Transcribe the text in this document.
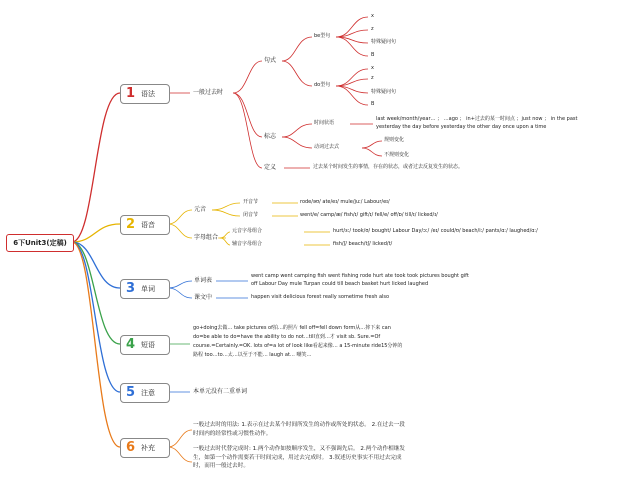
6下Unit3(定稿)
1 语法
2 语音
3 单词
4 短语
5 注意
6 补充
一般过去时
句式
be型句
x
z
特殊疑问句
B
do型句
x
z
特殊疑问句
B
标志
时间状语
last week/month/year… ； …ago ； in+过去的某一时间点 ；just now ； in the past
yesterday the day before yesterday the other day once upon a time
动词过去式
规则变化
不规则变化
定义	过去某个时间发生的事情，存在的状态，或者过去反复发生的状态。
元音
开音节	rode/əʊ/ ate/eɪ/ mule/juː/ Labour/eɪ/
闭音节	went/e/ camp/æ/ fish/ɪ/ gift/ɪ/ fell/e/ off/ɒ/ till/ɪ/ licked/ɪ/
字母组合
元音字母组合	hurt/ɜː/ took/ʊ/ bought/ Labour Day/ɔː/ /eɪ/ could/ʊ/ beach/iː/ pants/ɑː/ laughed/ɑː/
辅音字母组合	fish/ʃ/ beach/tʃ/ licked/t/
单词表
went camp went camping fish went fishing rode hurt ate took took pictures bought gift
off Labour Day mule Turpan could till beach basket hurt licked laughed
课文中	happen visit delicious forest really sometime fresh also
go+doing去做… take pictures of拍…的照片 fell off=fell down form从…摔下来 can
do=be able to do=have the ability to do not…till直到…才 visit sb. Sure.=Of
course.=Certainly.=OK. lots of=a lot of look like看起来像… a 15-minute ride15分钟的
路程 too…to…太…以至于不能… laugh at… 嘲笑…
本单元没有二重单词
一般过去时的用法: 1.表示在过去某个时间所发生的动作或所处的状态。 2.在过去一段时间内的经常性或习惯性动作。
一般过去时代替完成时: 1.两个动作如按顺序发生，又不强调先后。 2.两个动作相继发生，如第一个动作需要若干时间完成，用过去完成时。 3.叙述历史事实不用过去完成时，而用一般过去时。
